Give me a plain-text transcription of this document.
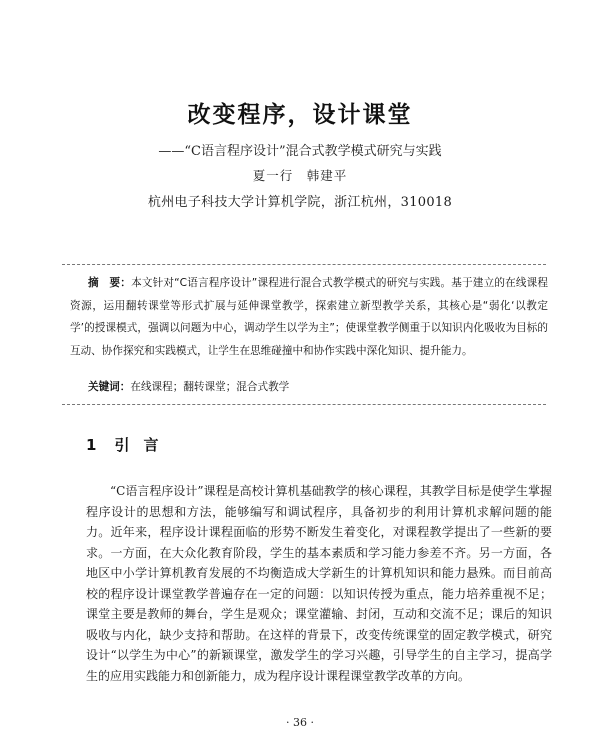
改变程序，设计课堂
——“C语言程序设计”混合式教学模式研究与实践
夏一行　韩建平
杭州电子科技大学计算机学院，浙江杭州，310018
摘　要：本文针对“C语言程序设计”课程进行混合式教学模式的研究与实践。基于建立的在线课程资源，运用翻转课堂等形式扩展与延伸课堂教学，探索建立新型教学关系，其核心是“弱化‘以教定学’的授课模式，强调以问题为中心，调动学生以学为主”；使课堂教学侧重于以知识内化吸收为目标的互动、协作探究和实践模式，让学生在思维碰撞中和协作实践中深化知识、提升能力。
关键词：在线课程；翻转课堂；混合式教学
1 引言
“C语言程序设计”课程是高校计算机基础教学的核心课程，其教学目标是使学生掌握程序设计的思想和方法，能够编写和调试程序，具备初步的利用计算机求解问题的能力。近年来，程序设计课程面临的形势不断发生着变化，对课程教学提出了一些新的要求。一方面，在大众化教育阶段，学生的基本素质和学习能力参差不齐。另一方面，各地区中小学计算机教育发展的不均衡造成大学新生的计算机知识和能力悬殊。而目前高校的程序设计课堂教学普遍存在一定的问题：以知识传授为重点，能力培养重视不足；课堂主要是教师的舞台，学生是观众；课堂灌输、封闭，互动和交流不足；课后的知识吸收与内化，缺少支持和帮助。在这样的背景下，改变传统课堂的固定教学模式，研究设计“以学生为中心”的新颖课堂，激发学生的学习兴趣，引导学生的自主学习，提高学生的应用实践能力和创新能力，成为程序设计课程课堂教学改革的方向。
· 36 ·
